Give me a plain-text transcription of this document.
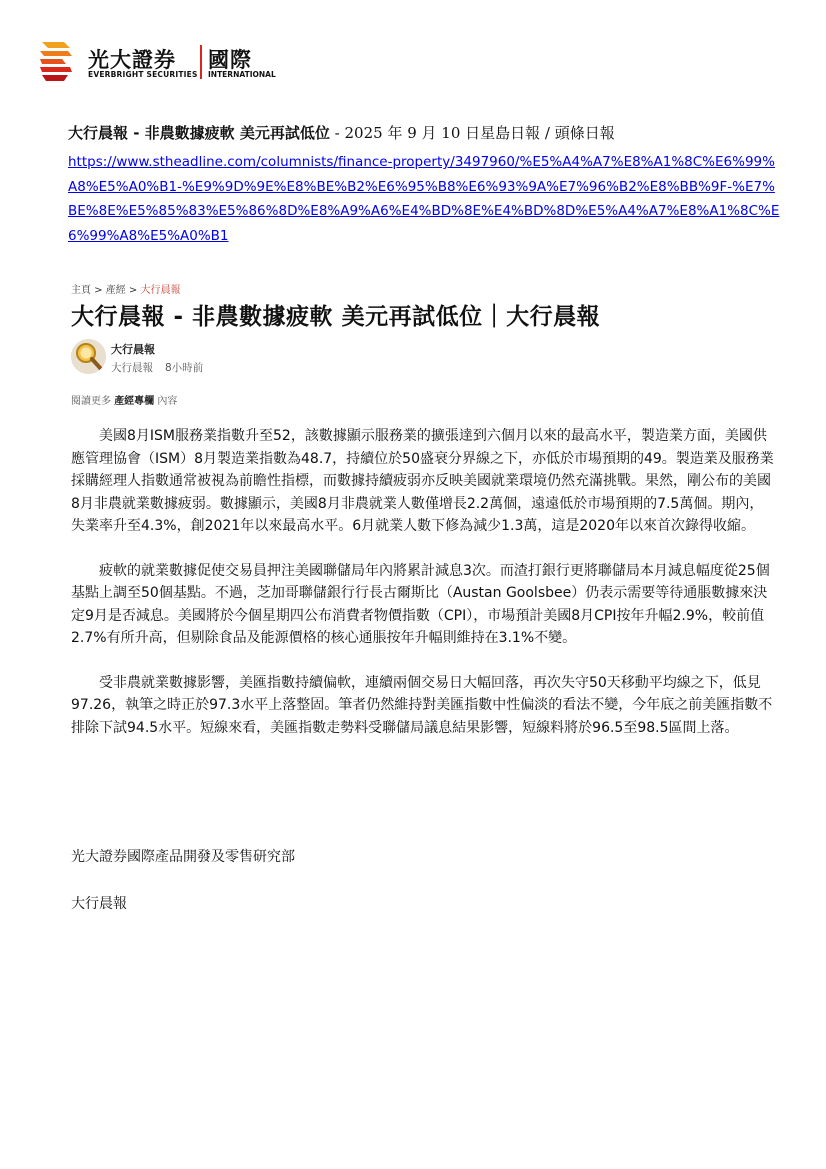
光大證券
EVERBRIGHT SECURITIES
國際
INTERNATIONAL
大行晨報 - 非農數據疲軟 美元再試低位 - 2025 年 9 月 10 日星島日報 / 頭條日報
https://www.stheadline.com/columnists/finance-property/3497960/%E5%A4%A7%E8%A1%8C%E6%99%A8%E5%A0%B1-%E9%9D%9E%E8%BE%B2%E6%95%B8%E6%93%9A%E7%96%B2%E8%BB%9F-%E7%BE%8E%E5%85%83%E5%86%8D%E8%A9%A6%E4%BD%8E%E4%BD%8D%E5%A4%A7%E8%A1%8C%E6%99%A8%E5%A0%B1
主頁 > 產經 > 大行晨報
大行晨報 - 非農數據疲軟 美元再試低位｜大行晨報
大行晨報
大行晨報 8小時前
閱讀更多 產經專欄 內容

美國8月ISM服務業指數升至52，該數據顯示服務業的擴張達到六個月以來的最高水平，製造業方面，美國供應管理協會（ISM）8月製造業指數為48.7，持續位於50盛衰分界線之下，亦低於市場預期的49。製造業及服務業採購經理人指數通常被視為前瞻性指標，而數據持續疲弱亦反映美國就業環境仍然充滿挑戰。果然，剛公布的美國8月非農就業數據疲弱。數據顯示，美國8月非農就業人數僅增長2.2萬個，遠遠低於市場預期的7.5萬個。期內，失業率升至4.3%，創2021年以來最高水平。6月就業人數下修為減少1.3萬，這是2020年以來首次錄得收縮。

疲軟的就業數據促使交易員押注美國聯儲局年內將累計減息3次。而渣打銀行更將聯儲局本月減息幅度從25個基點上調至50個基點。不過，芝加哥聯儲銀行行長古爾斯比（Austan Goolsbee）仍表示需要等待通脹數據來決定9月是否減息。美國將於今個星期四公布消費者物價指數（CPI），市場預計美國8月CPI按年升幅2.9%，較前值2.7%有所升高，但剔除食品及能源價格的核心通脹按年升幅則維持在3.1%不變。

受非農就業數據影響，美匯指數持續偏軟，連續兩個交易日大幅回落，再次失守50天移動平均線之下，低見97.26，執筆之時正於97.3水平上落整固。筆者仍然維持對美匯指數中性偏淡的看法不變，今年底之前美匯指數不排除下試94.5水平。短線來看，美匯指數走勢料受聯儲局議息結果影響，短線料將於96.5至98.5區間上落。

光大證券國際產品開發及零售研究部
大行晨報
